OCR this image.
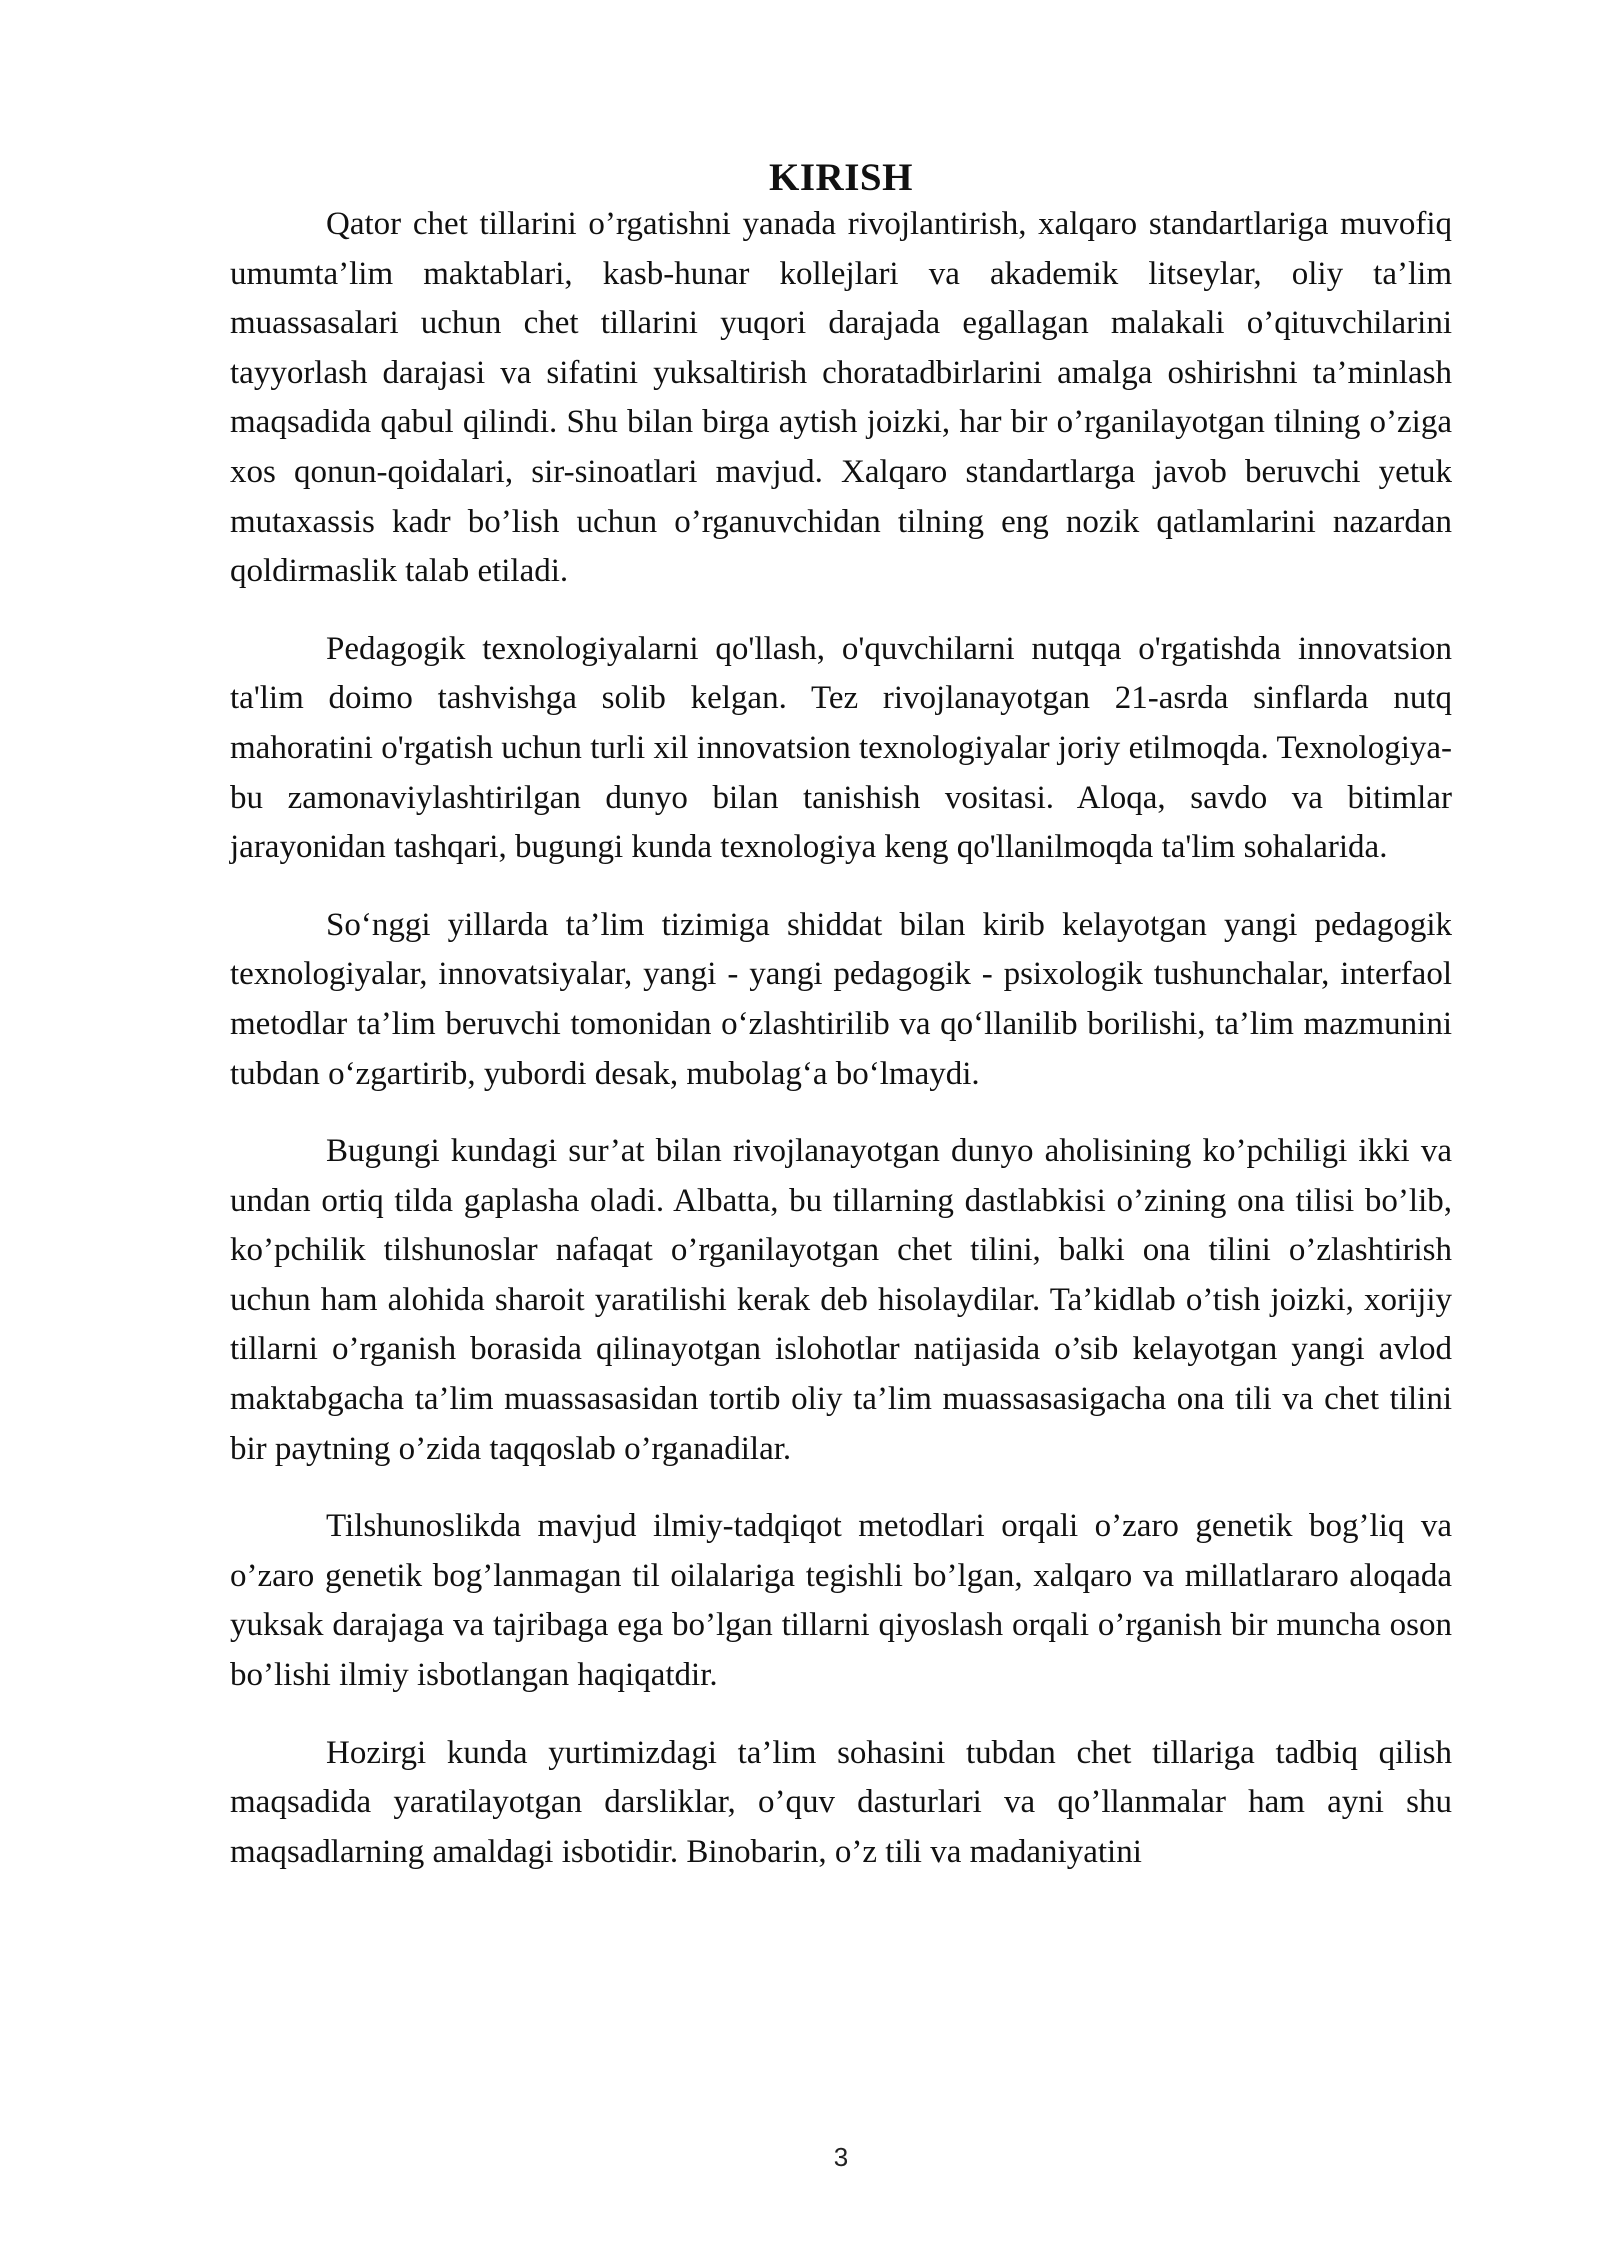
KIRISH

Qator chet tillarini o’rgatishni yanada rivojlantirish, xalqaro standartlariga muvofiq umumta’lim maktablari, kasb-hunar kollejlari va akademik litseylar, oliy ta’lim muassasalari uchun chet tillarini yuqori darajada egallagan malakali o’qituvchilarini tayyorlash darajasi va sifatini yuksaltirish choratadbirlarini amalga oshirishni ta’minlash maqsadida qabul qilindi. Shu bilan birga aytish joizki, har bir o’rganilayotgan tilning o’ziga xos qonun-qoidalari, sir-sinoatlari mavjud. Xalqaro standartlarga javob beruvchi yetuk mutaxassis kadr bo’lish uchun o’rganuvchidan tilning eng nozik qatlamlarini nazardan qoldirmaslik talab etiladi.

Pedagogik texnologiyalarni qo'llash, o'quvchilarni nutqqa o'rgatishda innovatsion ta'lim doimo tashvishga solib kelgan. Tez rivojlanayotgan 21-asrda sinflarda nutq mahoratini o'rgatish uchun turli xil innovatsion texnologiyalar joriy etilmoqda. Texnologiya-bu zamonaviylashtirilgan dunyo bilan tanishish vositasi. Aloqa, savdo va bitimlar jarayonidan tashqari, bugungi kunda texnologiya keng qo'llanilmoqda ta'lim sohalarida.

So‘nggi yillarda ta’lim tizimiga shiddat bilan kirib kelayotgan yangi pedagogik texnologiyalar, innovatsiyalar, yangi - yangi pedagogik - psixologik tushunchalar, interfaol metodlar ta’lim beruvchi tomonidan o‘zlashtirilib va qo‘llanilib borilishi, ta’lim mazmunini tubdan o‘zgartirib, yubordi desak, mubolag‘a bo‘lmaydi.

Bugungi kundagi sur’at bilan rivojlanayotgan dunyo aholisining ko’pchiligi ikki va undan ortiq tilda gaplasha oladi. Albatta, bu tillarning dastlabkisi o’zining ona tilisi bo’lib, ko’pchilik tilshunoslar nafaqat o’rganilayotgan chet tilini, balki ona tilini o’zlashtirish uchun ham alohida sharoit yaratilishi kerak deb hisolaydilar. Ta’kidlab o’tish joizki, xorijiy tillarni o’rganish borasida qilinayotgan islohotlar natijasida o’sib kelayotgan yangi avlod maktabgacha ta’lim muassasasidan tortib oliy ta’lim muassasasigacha ona tili va chet tilini bir paytning o’zida taqqoslab o’rganadilar.

Tilshunoslikda mavjud ilmiy-tadqiqot metodlari orqali o’zaro genetik bog’liq va o’zaro genetik bog’lanmagan til oilalariga tegishli bo’lgan, xalqaro va millatlararo aloqada yuksak darajaga va tajribaga ega bo’lgan tillarni qiyoslash orqali o’rganish bir muncha oson bo’lishi ilmiy isbotlangan haqiqatdir.

Hozirgi kunda yurtimizdagi ta’lim sohasini tubdan chet tillariga tadbiq qilish maqsadida yaratilayotgan darsliklar, o’quv dasturlari va qo’llanmalar ham ayni shu maqsadlarning amaldagi isbotidir. Binobarin, o’z tili va madaniyatini

3
